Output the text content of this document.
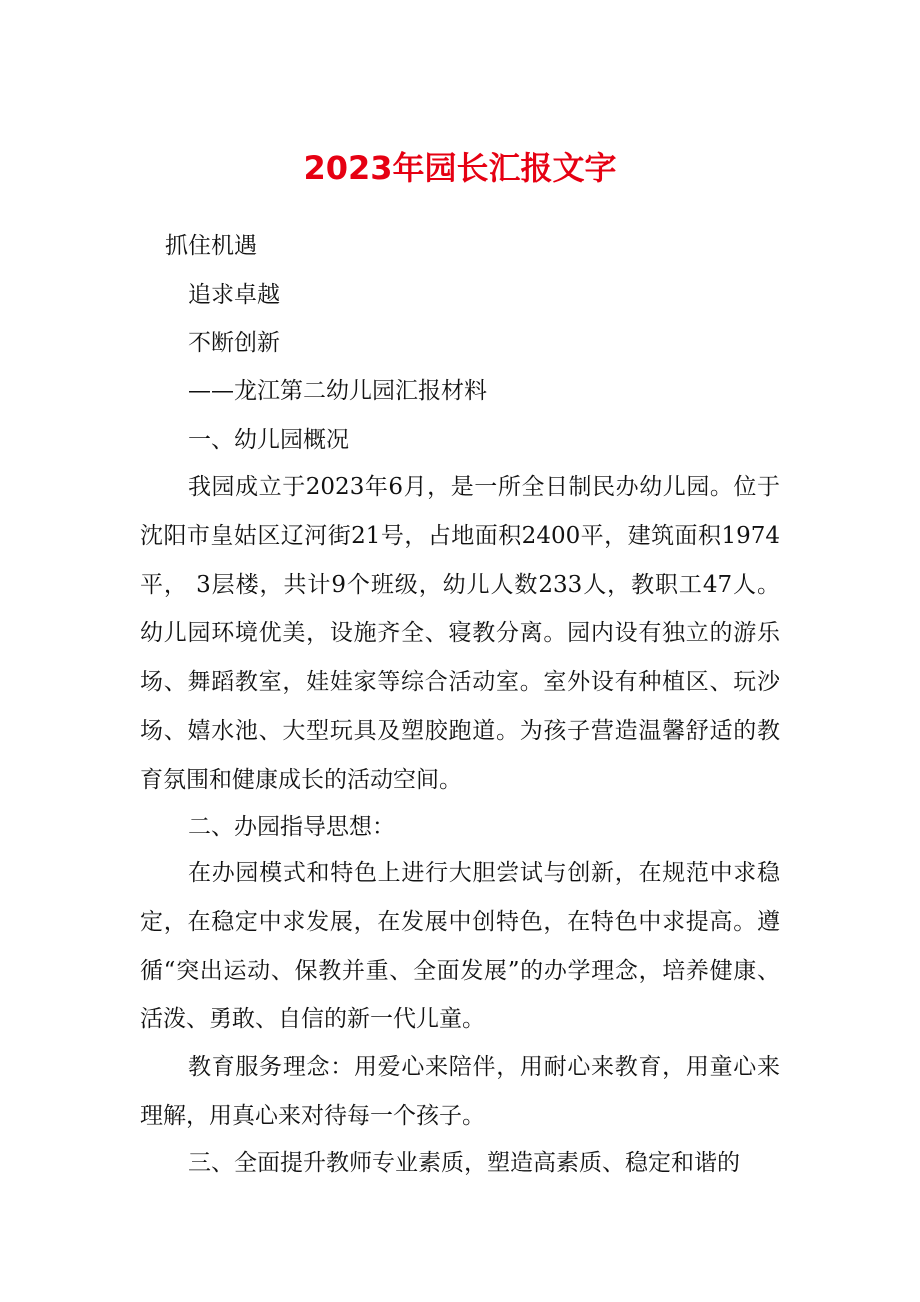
2023年园长汇报文字
抓住机遇
追求卓越
不断创新
——龙江第二幼儿园汇报材料
一、幼儿园概况
我园成立于2023年6月，是一所全日制民办幼儿园。位于沈阳市皇姑区辽河街21号，占地面积2400平，建筑面积1974平， 3层楼，共计9个班级，幼儿人数233人，教职工47人。 幼儿园环境优美，设施齐全、寝教分离。园内设有独立的游乐场、舞蹈教室，娃娃家等综合活动室。室外设有种植区、玩沙场、嬉水池、大型玩具及塑胶跑道。为孩子营造温馨舒适的教育氛围和健康成长的活动空间。
二、办园指导思想：
在办园模式和特色上进行大胆尝试与创新，在规范中求稳定，在稳定中求发展，在发展中创特色，在特色中求提高。遵循“突出运动、保教并重、全面发展”的办学理念，培养健康、活泼、勇敢、自信的新一代儿童。
教育服务理念：用爱心来陪伴，用耐心来教育，用童心来理解，用真心来对待每一个孩子。
三、全面提升教师专业素质，塑造高素质、稳定和谐的
